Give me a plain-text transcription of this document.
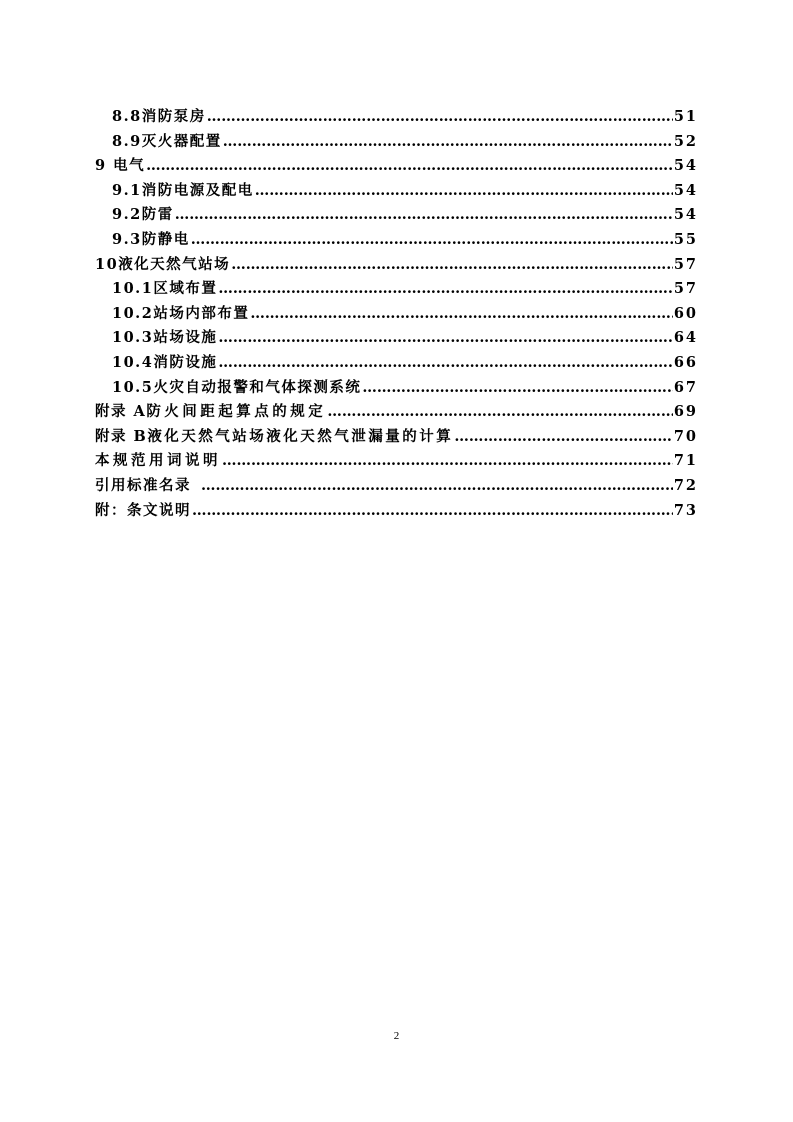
8.8 消防泵房 ………………………………………………………………………………………………………………………………………………………………………………	51
8.9 灭火器配置 ………………………………………………………………………………………………………………………………………………………………………………	52
9 电气 ………………………………………………………………………………………………………………………………………………………………………………	54
9.1 消防电源及配电 ………………………………………………………………………………………………………………………………………………………………………………	54
9.2 防雷 ………………………………………………………………………………………………………………………………………………………………………………	54
9.3 防静电 ………………………………………………………………………………………………………………………………………………………………………………	55
10 液化天然气站场 ………………………………………………………………………………………………………………………………………………………………………………	57
10.1 区域布置 ………………………………………………………………………………………………………………………………………………………………………………	57
10.2 站场内部布置 ………………………………………………………………………………………………………………………………………………………………………………	60
10.3 站场设施 ………………………………………………………………………………………………………………………………………………………………………………	64
10.4 消防设施 ………………………………………………………………………………………………………………………………………………………………………………	66
10.5 火灾自动报警和气体探测系统 ………………………………………………………………………………………………………………………………………………………………………………	67
附录 A 防火间距起算点的规定 ………………………………………………………………………………………………………………………………………………………………………………	69
附录 B 液化天然气站场液化天然气泄漏量的计算 ………………………………………………………………………………………………………………………………………………………………………………	70
本规范用词说明 ………………………………………………………………………………………………………………………………………………………………………………	71
引用标准名录 ………………………………………………………………………………………………………………………………………………………………………………	72
附：条文说明 ………………………………………………………………………………………………………………………………………………………………………………	73
2
